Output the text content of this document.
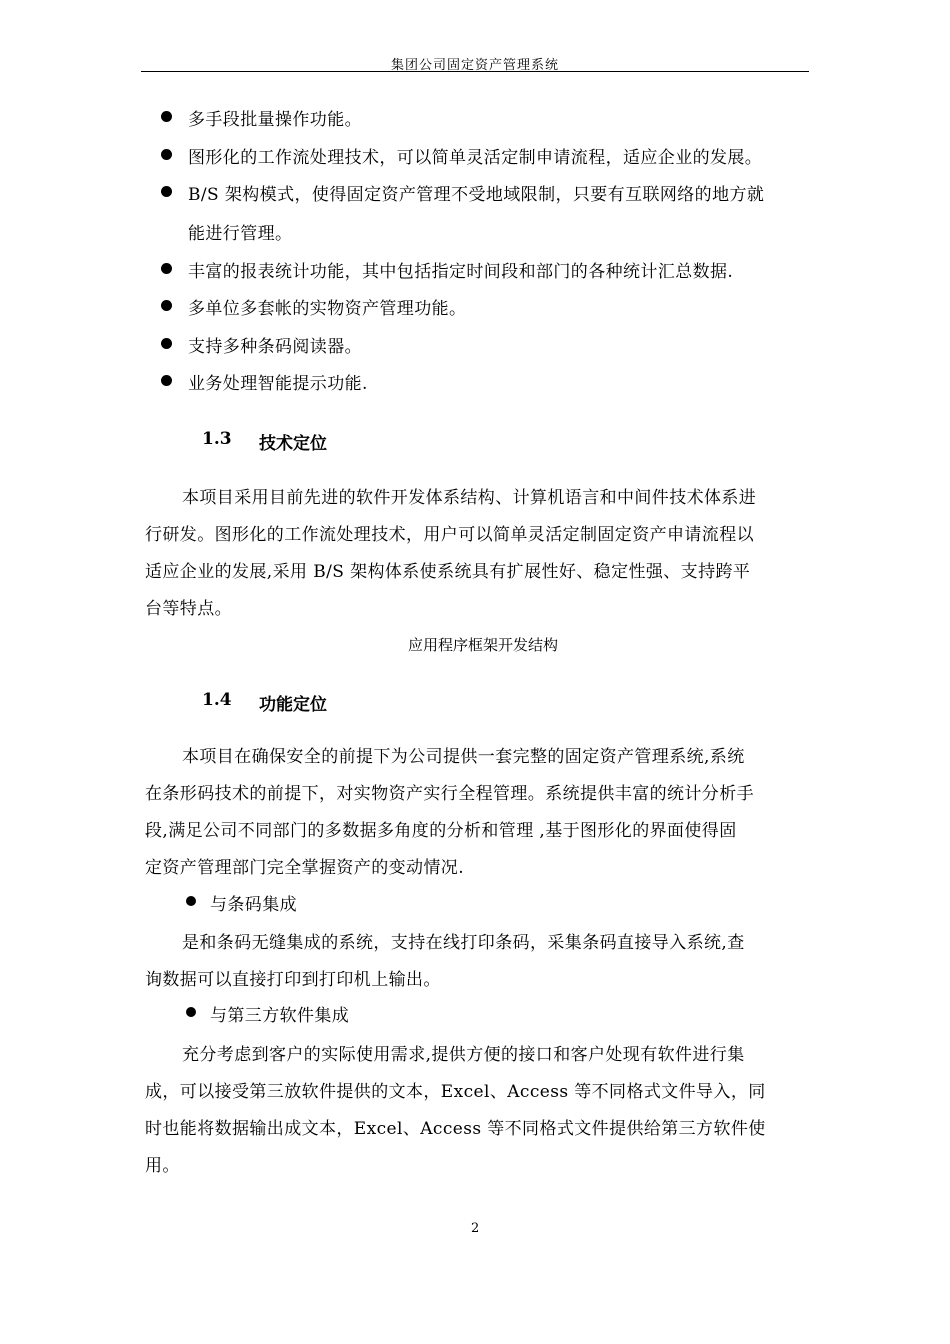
集团公司固定资产管理系统
多手段批量操作功能。
图形化的工作流处理技术，可以简单灵活定制申请流程，适应企业的发展。
B/S 架构模式，使得固定资产管理不受地域限制，只要有互联网络的地方就
能进行管理。
丰富的报表统计功能，其中包括指定时间段和部门的各种统计汇总数据.
多单位多套帐的实物资产管理功能。
支持多种条码阅读器。
业务处理智能提示功能.
1.3 技术定位
本项目采用目前先进的软件开发体系结构、计算机语言和中间件技术体系进
行研发。图形化的工作流处理技术，用户可以简单灵活定制固定资产申请流程以
适应企业的发展,采用 B/S 架构体系使系统具有扩展性好、稳定性强、支持跨平
台等特点。
应用程序框架开发结构
1.4 功能定位
本项目在确保安全的前提下为公司提供一套完整的固定资产管理系统,系统
在条形码技术的前提下，对实物资产实行全程管理。系统提供丰富的统计分析手
段,满足公司不同部门的多数据多角度的分析和管理 ,基于图形化的界面使得固
定资产管理部门完全掌握资产的变动情况.
与条码集成
是和条码无缝集成的系统，支持在线打印条码，采集条码直接导入系统,查
询数据可以直接打印到打印机上输出。
与第三方软件集成
充分考虑到客户的实际使用需求,提供方便的接口和客户处现有软件进行集
成，可以接受第三放软件提供的文本，Excel、Access 等不同格式文件导入，同
时也能将数据输出成文本，Excel、Access 等不同格式文件提供给第三方软件使
用。
2
